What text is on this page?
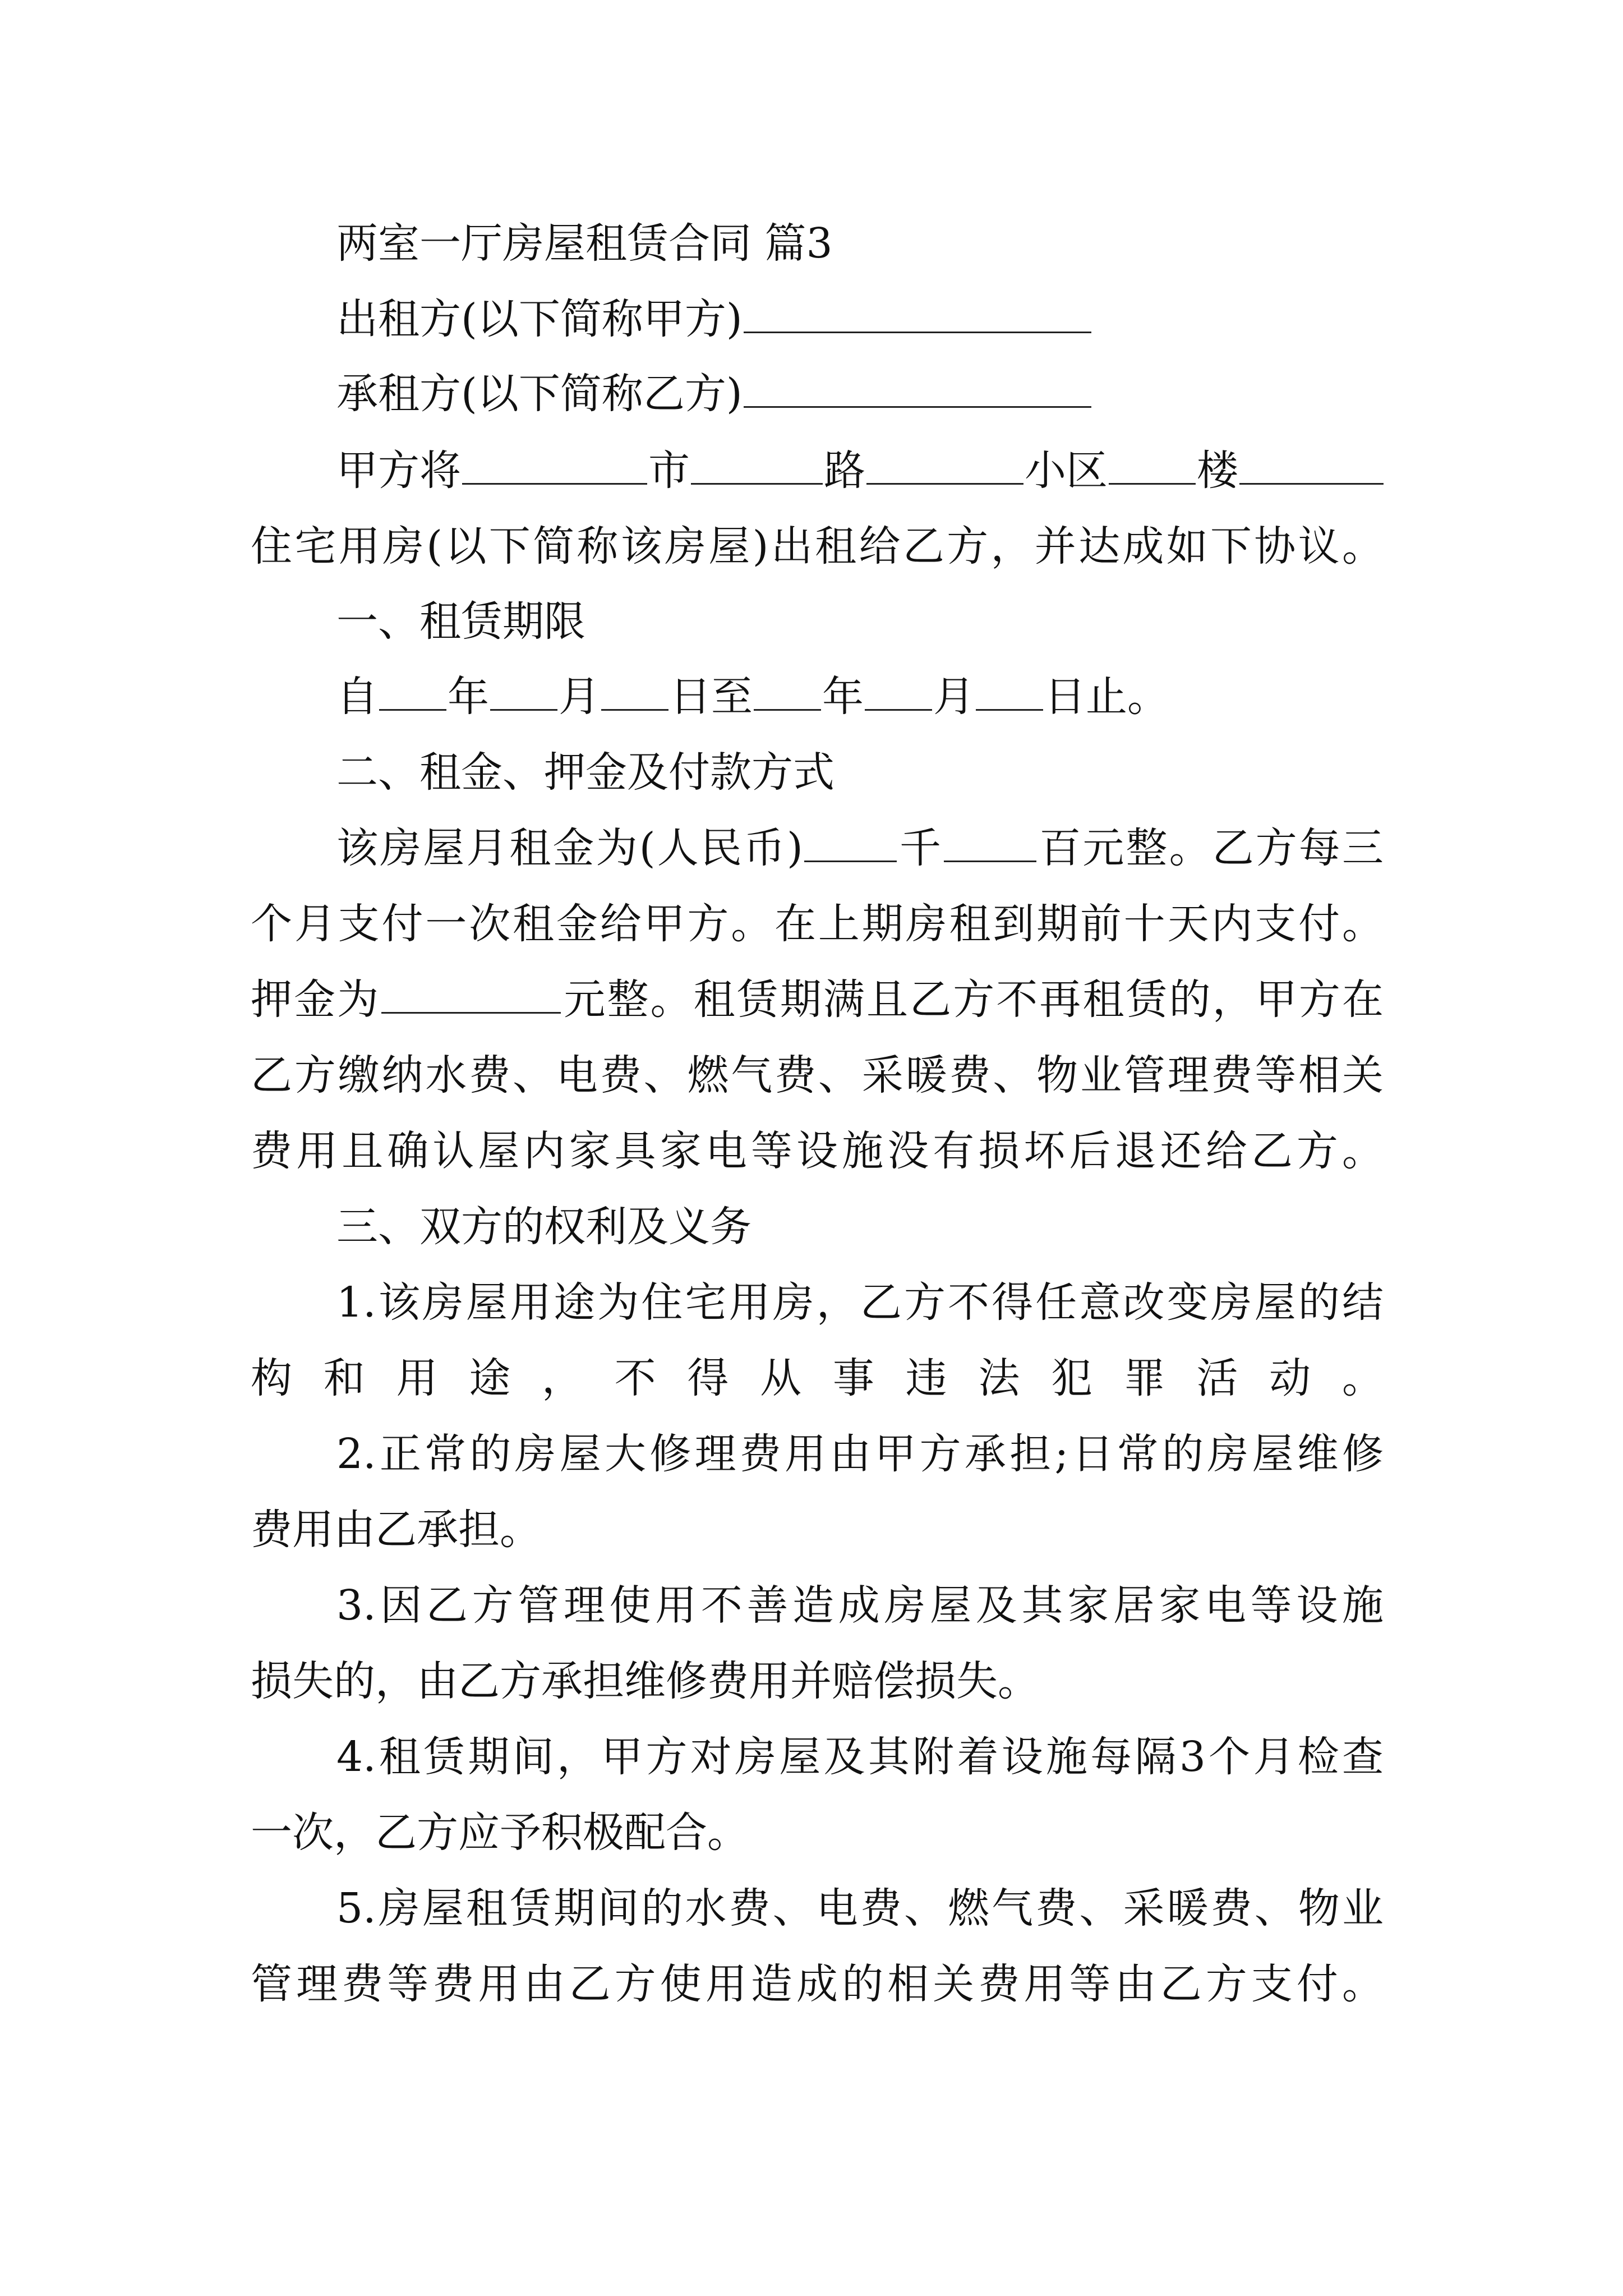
两室一厅房屋租赁合同 篇3
出租方(以下简称甲方)
承租方(以下简称乙方)
甲方将	市	路	小区 楼
住宅用房(以下简称该房屋)出租给乙方，并达成如下协议。
一、租赁期限
自 年 月 日至 年 月 日止。
二、租金、押金及付款方式
该房屋月租金为(人民币) 千 百元整。乙方每三
个月支付一次租金给甲方。在上期房租到期前十天内支付。
押金为	元整。租赁期满且乙方不再租赁的，甲方在
乙方缴纳水费、电费、燃气费、采暖费、物业管理费等相关
费用且确认屋内家具家电等设施没有损坏后退还给乙方。
三、双方的权利及义务
1.该房屋用途为住宅用房，乙方不得任意改变房屋的结
构和用途，不得从事违法犯罪活动。
2.正常的房屋大修理费用由甲方承担;日常的房屋维修
费用由乙承担。
3.因乙方管理使用不善造成房屋及其家居家电等设施
损失的，由乙方承担维修费用并赔偿损失。
4.租赁期间，甲方对房屋及其附着设施每隔3个月检查
一次，乙方应予积极配合。
5.房屋租赁期间的水费、电费、燃气费、采暖费、物业
管理费等费用由乙方使用造成的相关费用等由乙方支付。
